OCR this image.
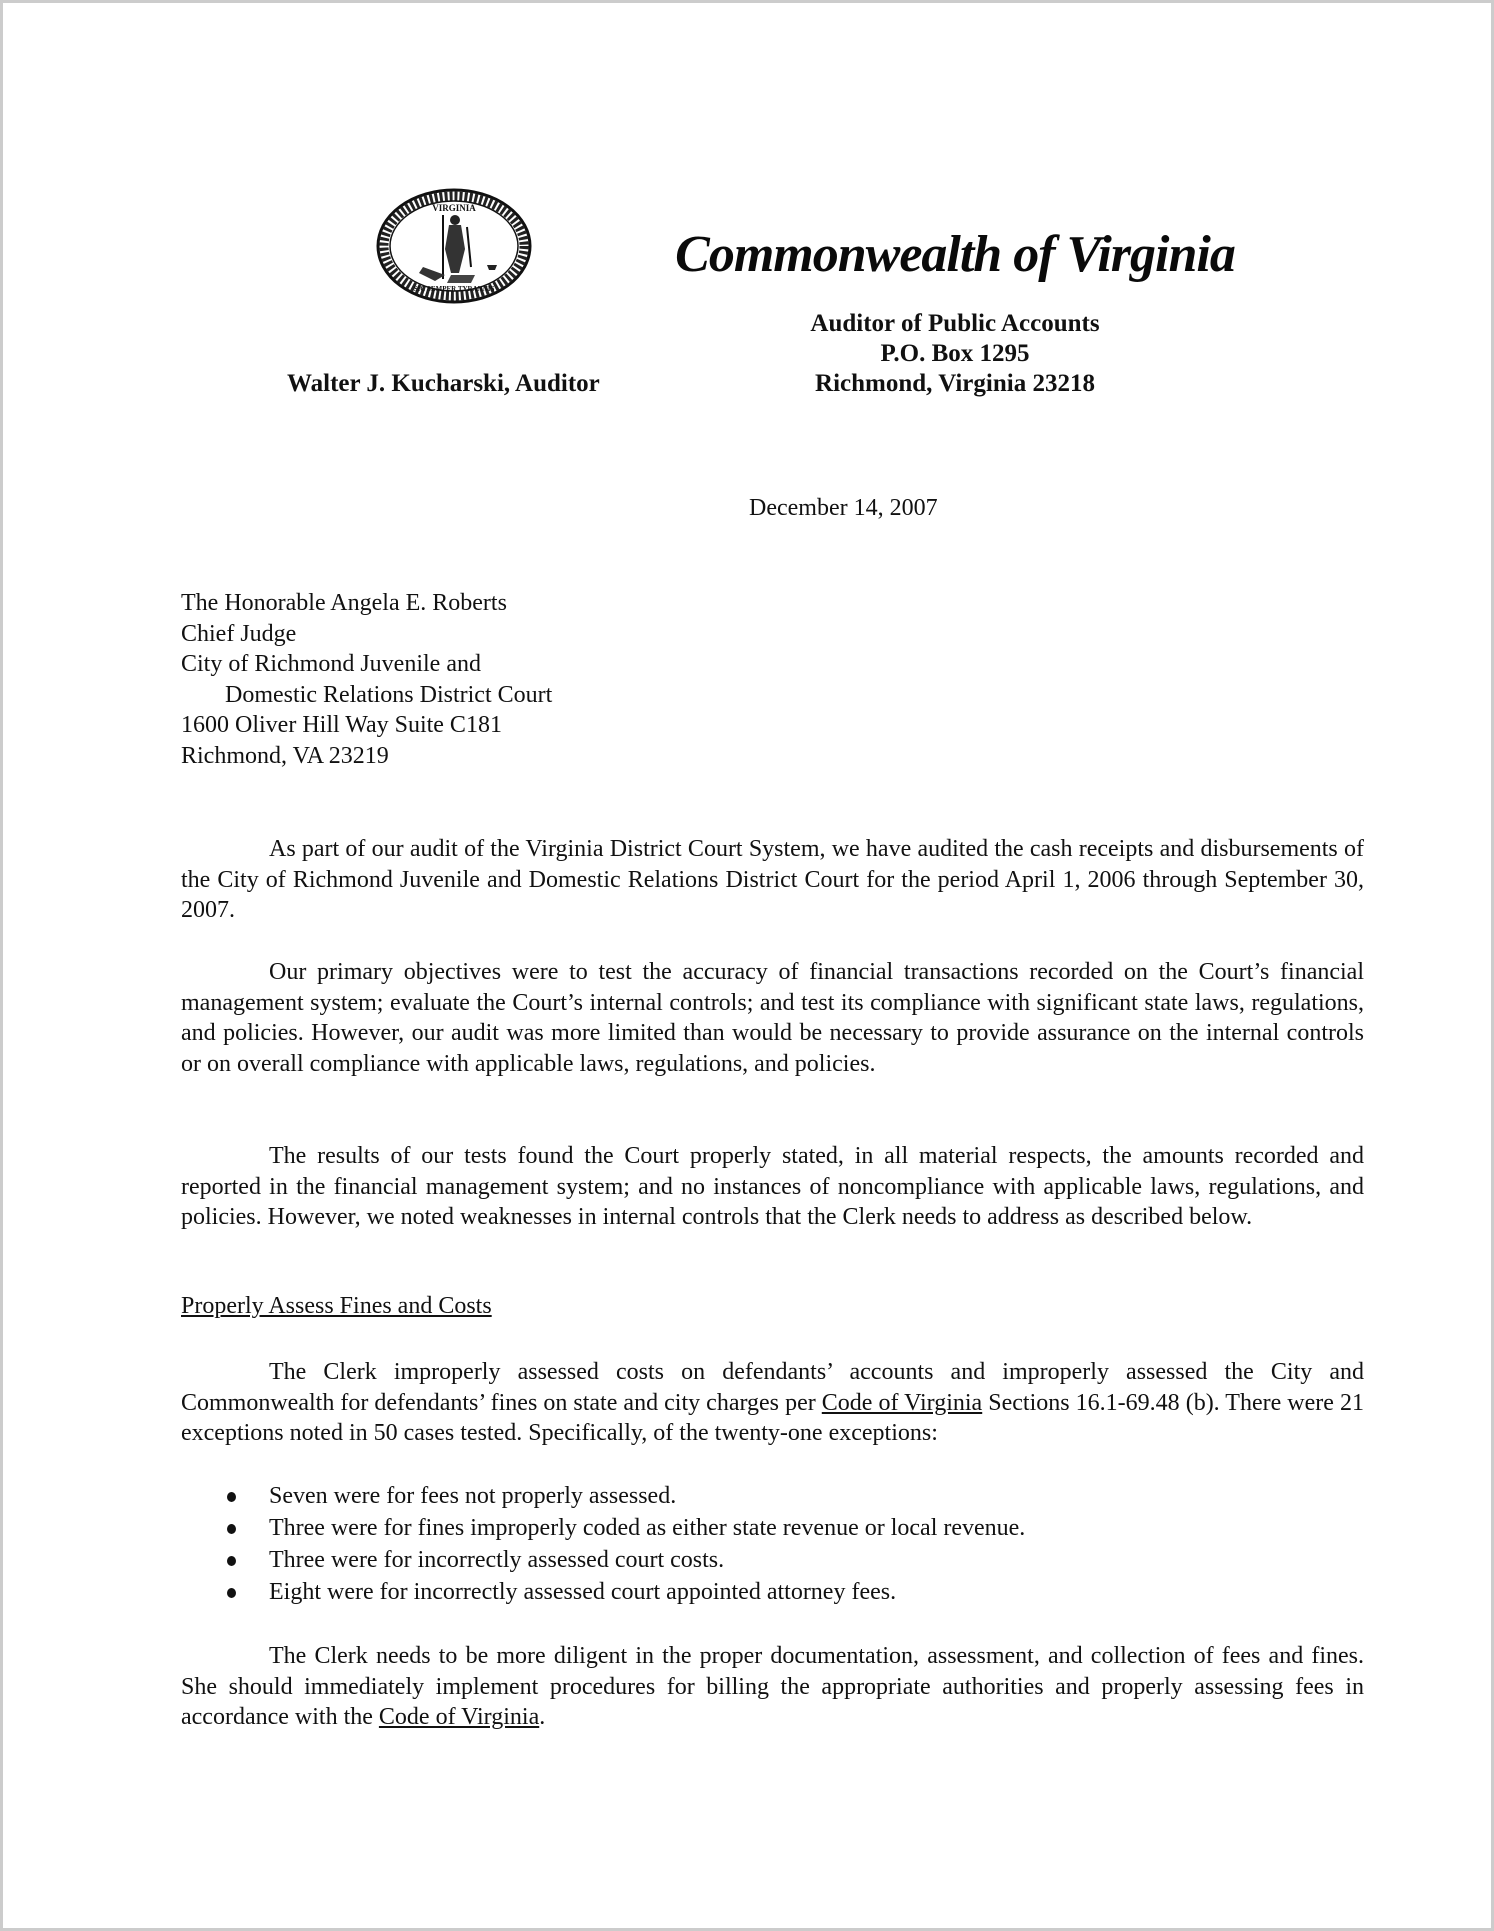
VIRGINIA
SIC SEMPER TYRANNIS
Commonwealth of Virginia
Auditor of Public Accounts
P.O. Box 1295
Richmond, Virginia 23218
Walter J. Kucharski, Auditor
December 14, 2007
The Honorable Angela E. Roberts
Chief Judge
City of Richmond Juvenile and
Domestic Relations District Court
1600 Oliver Hill Way Suite C181
Richmond, VA 23219

As part of our audit of the Virginia District Court System, we have audited the cash receipts and disbursements of the City of Richmond Juvenile and Domestic Relations District Court for the period April 1, 2006 through September 30, 2007.

Our primary objectives were to test the accuracy of financial transactions recorded on the Court’s financial management system; evaluate the Court’s internal controls; and test its compliance with significant state laws, regulations, and policies. However, our audit was more limited than would be necessary to provide assurance on the internal controls or on overall compliance with applicable laws, regulations, and policies.

The results of our tests found the Court properly stated, in all material respects, the amounts recorded and reported in the financial management system; and no instances of noncompliance with applicable laws, regulations, and policies. However, we noted weaknesses in internal controls that the Clerk needs to address as described below.

Properly Assess Fines and Costs

The Clerk improperly assessed costs on defendants’ accounts and improperly assessed the City and Commonwealth for defendants’ fines on state and city charges per Code of Virginia Sections 16.1-69.48 (b). There were 21 exceptions noted in 50 cases tested. Specifically, of the twenty-one exceptions:

Seven were for fees not properly assessed.
Three were for fines improperly coded as either state revenue or local revenue.
Three were for incorrectly assessed court costs.
Eight were for incorrectly assessed court appointed attorney fees.

The Clerk needs to be more diligent in the proper documentation, assessment, and collection of fees and fines. She should immediately implement procedures for billing the appropriate authorities and properly assessing fees in accordance with the Code of Virginia.
